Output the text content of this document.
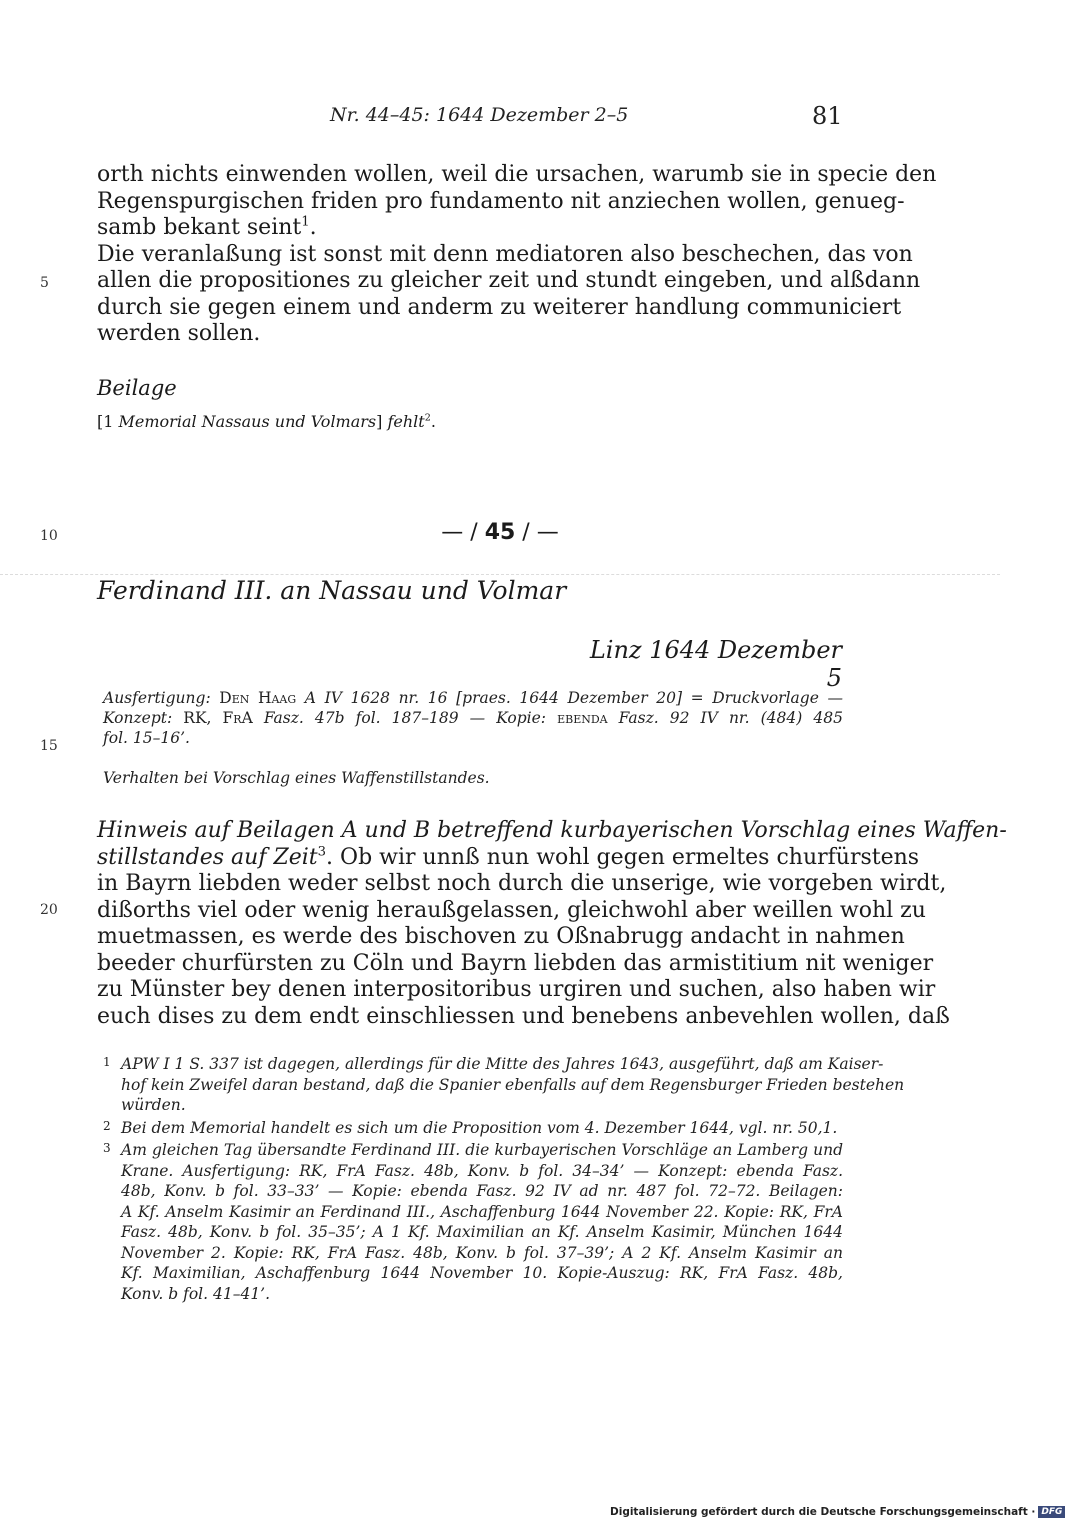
Nr. 44–45: 1644 Dezember 2–5	81
orth nichts einwenden wollen, weil die ursachen, warumb sie in specie den
Regenspurgischen friden pro fundamento nit anziechen wollen, genueg-
samb bekant seint$^1$.
Die veranlaßung ist sonst mit denn mediatoren also beschechen, das von
allen die propositiones zu gleicher zeit und stundt eingeben, und alßdann
durch sie gegen einem und anderm zu weiterer handlung communiciert
werden sollen.
5
10
15
20
Beilage
[1 Memorial Nassaus und Volmars] fehlt$^2$.
— / 45 / —
Ferdinand III. an Nassau und Volmar
Linz 1644 Dezember 5
Ausfertigung: Den Haag A IV 1628 nr. 16 [praes. 1644 Dezember 20] = Druckvorlage —
Konzept: RK, FrA Fasz. 47b fol. 187–189 — Kopie: ebenda Fasz. 92 IV nr. (484) 485
fol. 15–16’.
Verhalten bei Vorschlag eines Waffenstillstandes.
Hinweis auf Beilagen A und B betreffend kurbayerischen Vorschlag eines Waffen-
stillstandes auf Zeit$^3$. Ob wir unnß nun wohl gegen ermeltes churfürstens
in Bayrn liebden weder selbst noch durch die unserige, wie vorgeben wirdt,
dißorths viel oder wenig heraußgelassen, gleichwohl aber weillen wohl zu
muetmassen, es werde des bischoven zu Oßnabrugg andacht in nahmen
beeder churfürsten zu Cöln und Bayrn liebden das armistitium nit weniger
zu Münster bey denen interpositoribus urgiren und suchen, also haben wir
euch dises zu dem endt einschliessen und benebens anbevehlen wollen, daß
1 APW I 1 S. 337 ist dagegen, allerdings für die Mitte des Jahres 1643, ausgeführt, daß am Kaiser-
hof kein Zweifel daran bestand, daß die Spanier ebenfalls auf dem Regensburger Frieden bestehen
würden.
2 Bei dem Memorial handelt es sich um die Proposition vom 4. Dezember 1644, vgl. nr. 50,1.
3 Am gleichen Tag übersandte Ferdinand III. die kurbayerischen Vorschläge an Lamberg und
Krane. Ausfertigung: RK, FrA Fasz. 48b, Konv. b fol. 34–34’ — Konzept: ebenda Fasz.
48b, Konv. b fol. 33–33’ — Kopie: ebenda Fasz. 92 IV ad nr. 487 fol. 72–72. Beilagen:
A Kf. Anselm Kasimir an Ferdinand III., Aschaffenburg 1644 November 22. Kopie: RK, FrA
Fasz. 48b, Konv. b fol. 35–35’; A 1 Kf. Maximilian an Kf. Anselm Kasimir, München 1644
November 2. Kopie: RK, FrA Fasz. 48b, Konv. b fol. 37–39’; A 2 Kf. Anselm Kasimir an
Kf. Maximilian, Aschaffenburg 1644 November 10. Kopie-Auszug: RK, FrA Fasz. 48b,
Konv. b fol. 41–41’.
Digitalisierung gefördert durch die Deutsche Forschungsgemeinschaft · DFG
